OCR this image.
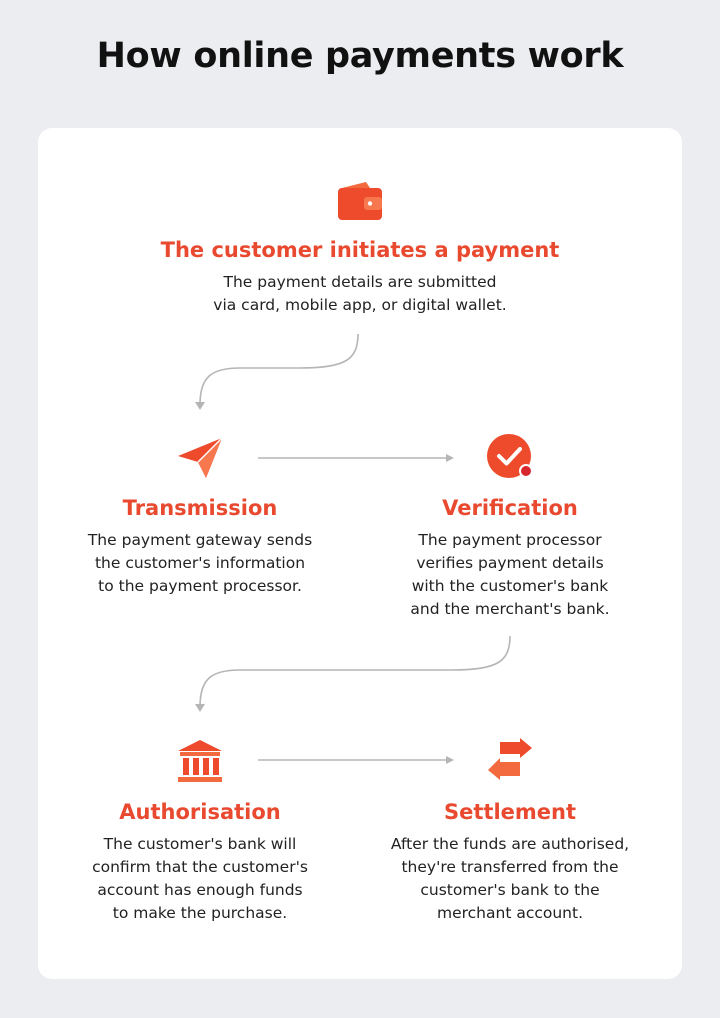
How online payments work
The customer initiates a payment
The payment details are submitted
via card, mobile app, or digital wallet.
Transmission
The payment gateway sends
the customer's information
to the payment processor.
Verification
The payment processor
verifies payment details
with the customer's bank
and the merchant's bank.
Authorisation
The customer's bank will
confirm that the customer's
account has enough funds
to make the purchase.
Settlement
After the funds are authorised,
they're transferred from the
customer's bank to the
merchant account.
